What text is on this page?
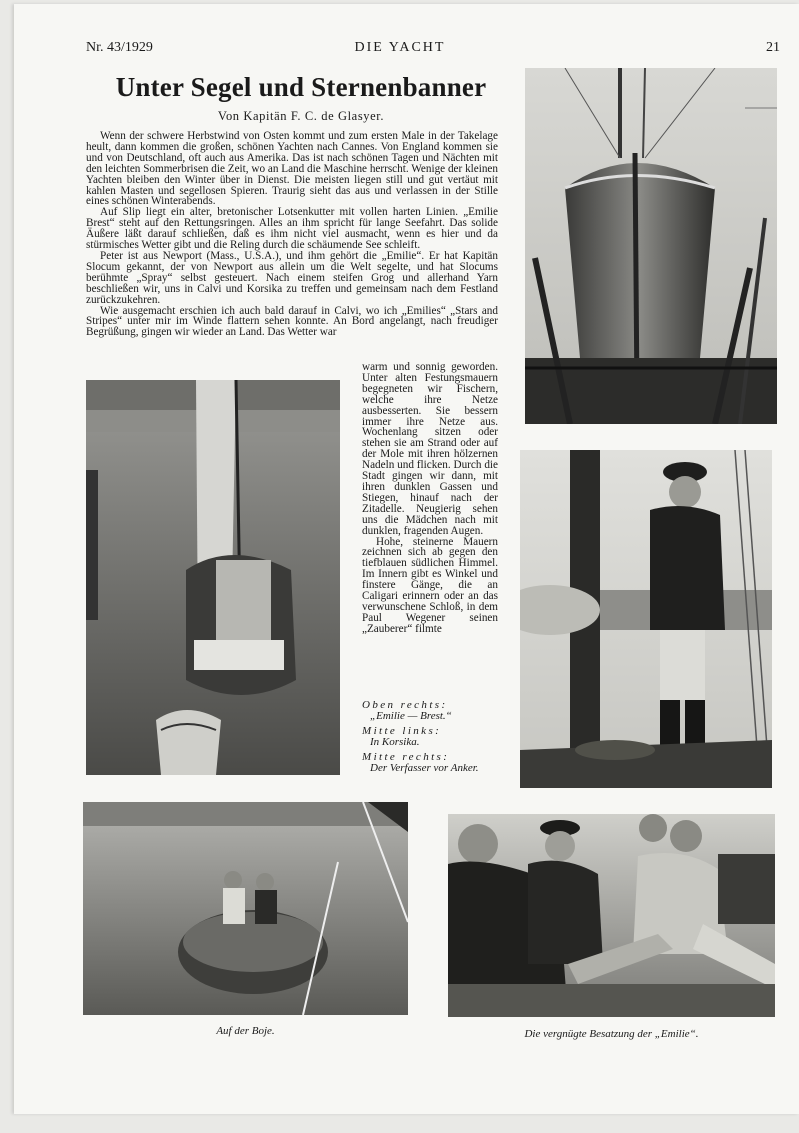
Nr. 43/1929	DIE YACHT	21
Unter Segel und Sternenbanner
Von Kapitän F. C. de Glasyer.

Wenn der schwere Herbstwind von Osten kommt und zum ersten Male in der Takelage heult, dann kommen die großen, schönen Yachten nach Cannes. Von England kommen sie und von Deutschland, oft auch aus Amerika. Das ist nach schönen Tagen und Nächten mit den leichten Sommerbrisen die Zeit, wo an Land die Maschine herrscht. Wenige der kleinen Yachten bleiben den Winter über in Dienst. Die meisten liegen still und gut vertäut mit kahlen Masten und segellosen Spieren. Traurig sieht das aus und verlassen in der Stille eines schönen Winterabends.

Auf Slip liegt ein alter, bretonischer Lotsenkutter mit vollen harten Linien. „Emilie Brest“ steht auf den Rettungsringen. Alles an ihm spricht für lange Seefahrt. Das solide Äußere läßt darauf schließen, daß es ihm nicht viel ausmacht, wenn es hier und da stürmisches Wetter gibt und die Reling durch die schäumende See schleift.

Peter ist aus Newport (Mass., U.S.A.), und ihm gehört die „Emilie“. Er hat Kapitän Slocum gekannt, der von Newport aus allein um die Welt segelte, und hat Slocums berühmte „Spray“ selbst gesteuert. Nach einem steifen Grog und allerhand Yarn beschließen wir, uns in Calvi und Korsika zu treffen und gemeinsam nach dem Festland zurückzukehren.

Wie ausgemacht erschien ich auch bald darauf in Calvi, wo ich „Emilies“ „Stars and Stripes“ unter mir im Winde flattern sehen konnte. An Bord angelangt, nach freudiger Begrüßung, gingen wir wieder an Land. Das Wetter war

warm und sonnig geworden. Unter alten Festungsmauern begegneten wir Fischern, welche ihre Netze ausbesserten. Sie bessern immer ihre Netze aus. Wochenlang sitzen oder stehen sie am Strand oder auf der Mole mit ihren hölzernen Nadeln und flicken. Durch die Stadt gingen wir dann, mit ihren dunklen Gassen und Stiegen, hinauf nach der Zitadelle. Neugierig sehen uns die Mädchen nach mit dunklen, fragenden Augen.

Hohe, steinerne Mauern zeichnen sich ab gegen den tiefblauen südlichen Himmel. Im Innern gibt es Winkel und finstere Gänge, die an Caligari erinnern oder an das verwunschene Schloß, in dem Paul Wegener seinen „Zauberer“ filmte

Oben rechts:
„Emilie — Brest.“
Mitte links:
In Korsika.
Mitte rechts:
Der Verfasser vor Anker.
Auf der Boje.	Die vergnügte Besatzung der „Emilie“.
